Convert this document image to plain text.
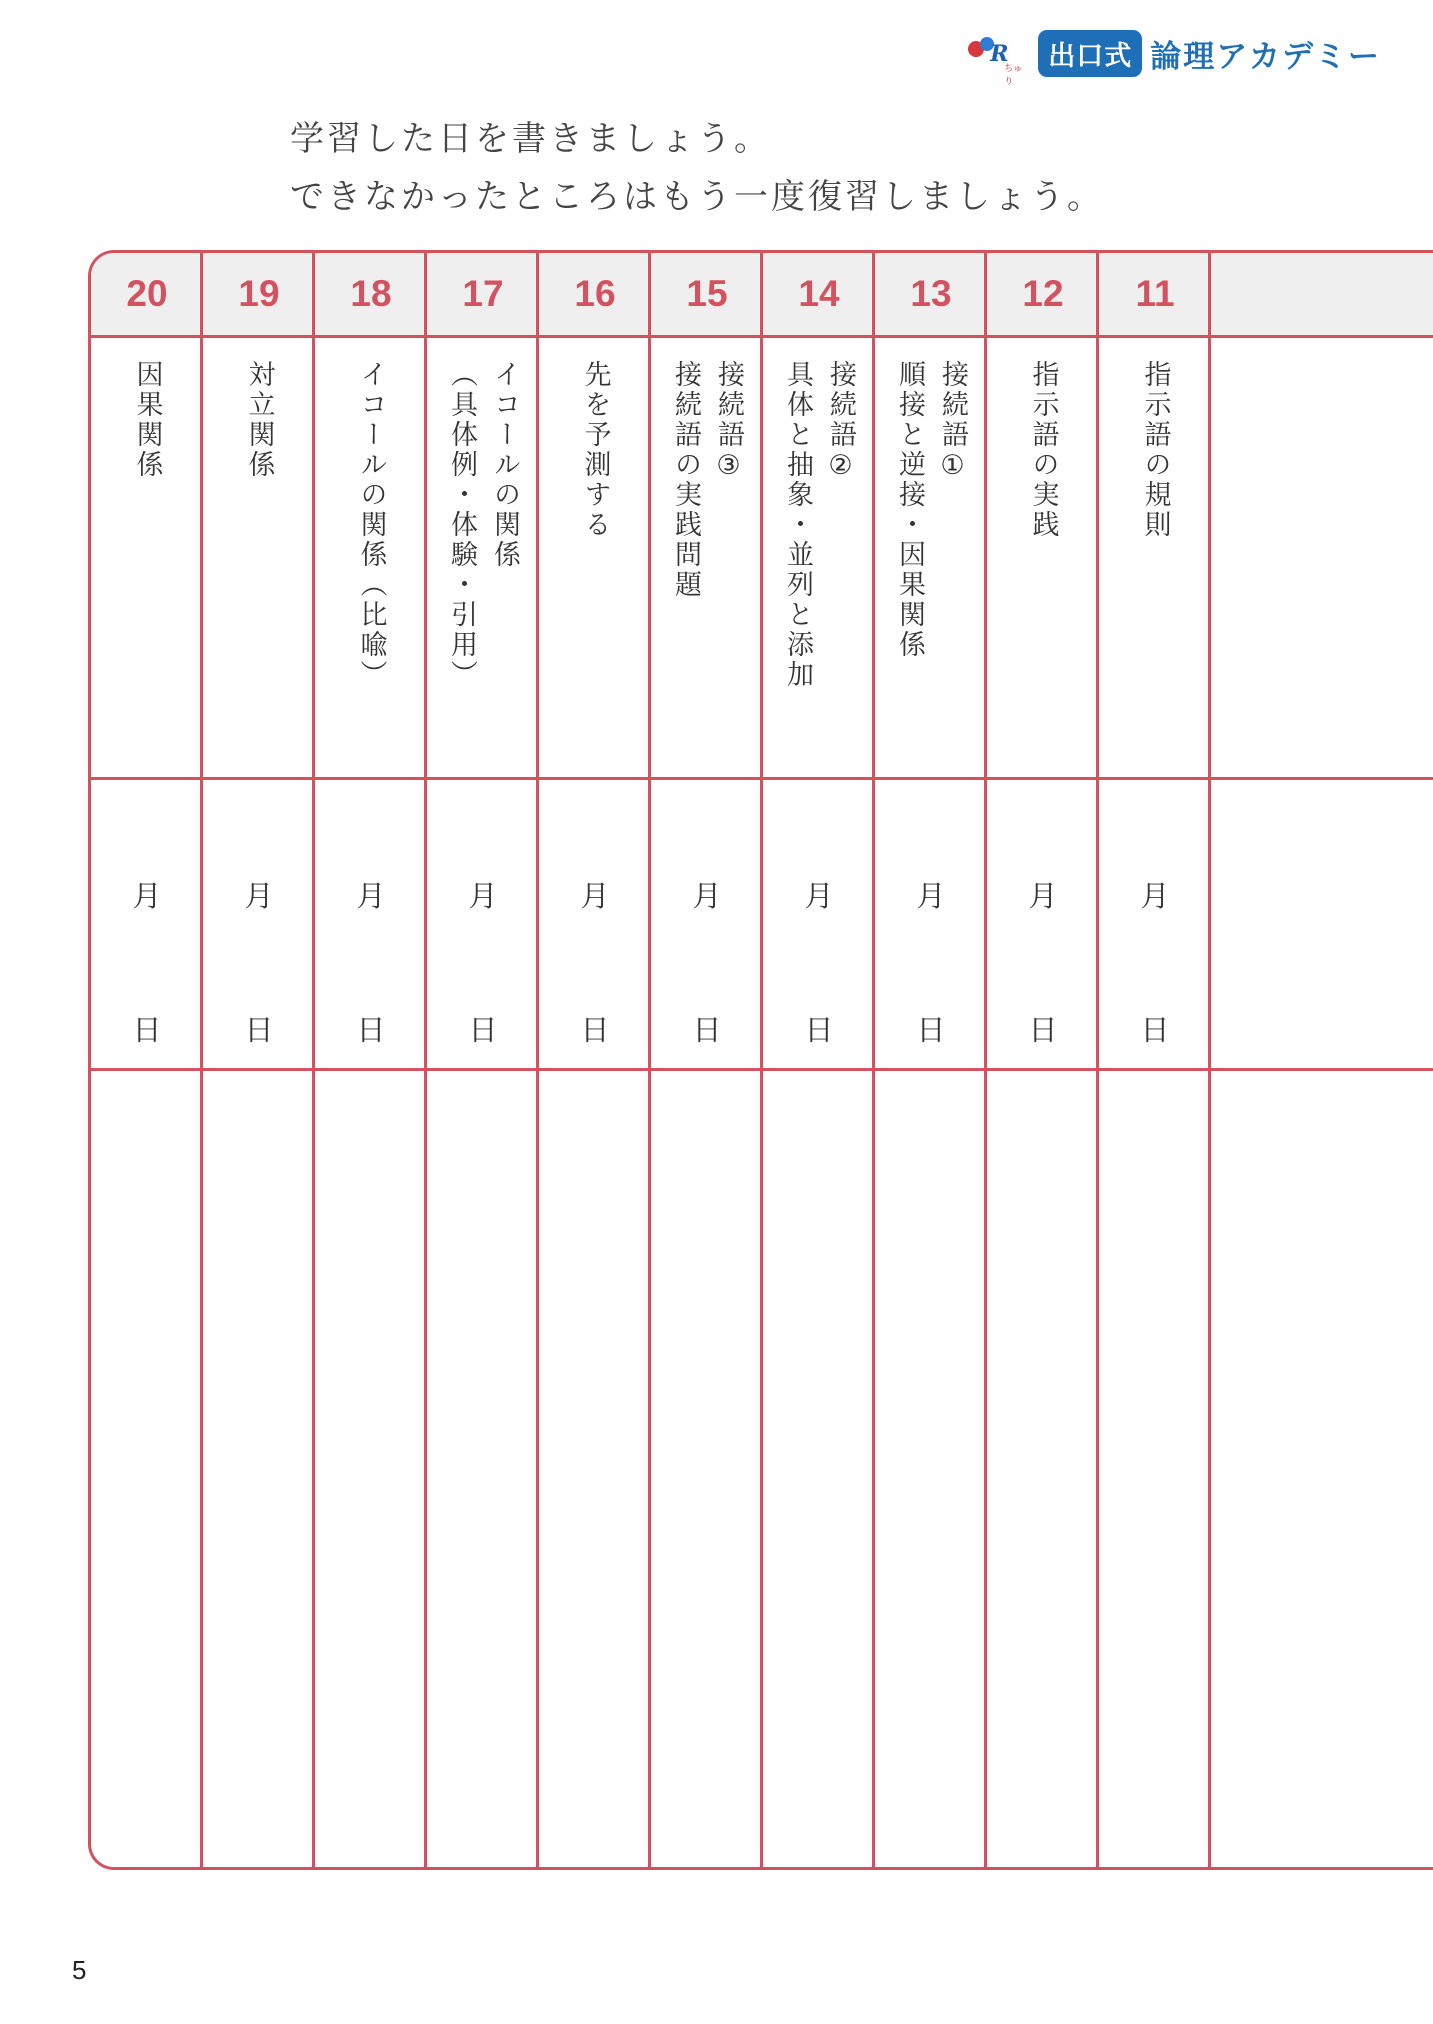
R
ちゅり
出口式 論理アカデミー

学習した日を書きましょう。

できなかったところはもう一度復習しましょう。

20
因果関係
月
日
19
対立関係
月
日
18
イコールの関係（比喩）
月
日
17
イコールの関係
（具体例・体験・引用）
月
日
16
先を予測する
月
日
15
接続語③
接続語の実践問題
月
日
14
接続語②
具体と抽象・並列と添加
月
日
13
接続語①
順接と逆接・因果関係
月
日
12
指示語の実践
月
日
11
指示語の規則
月
日
5
